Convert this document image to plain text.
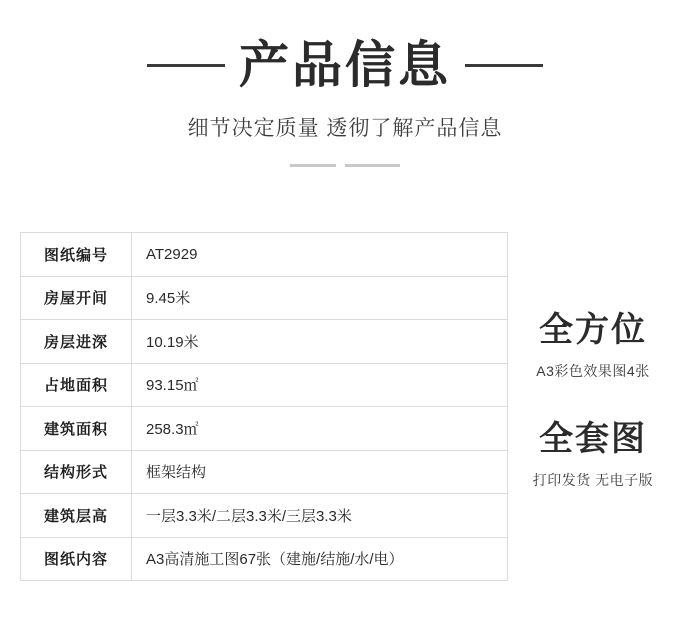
产品信息
细节决定质量 透彻了解产品信息
图纸编号	AT2929
房屋开间	9.45米
房层进深	10.19米
占地面积	93.15㎡
建筑面积	258.3㎡
结构形式	框架结构
建筑层高	一层3.3米/二层3.3米/三层3.3米
图纸内容	A3高清施工图67张（建施/结施/水/电）
全方位
A3彩色效果图4张
全套图
打印发货 无电子版
